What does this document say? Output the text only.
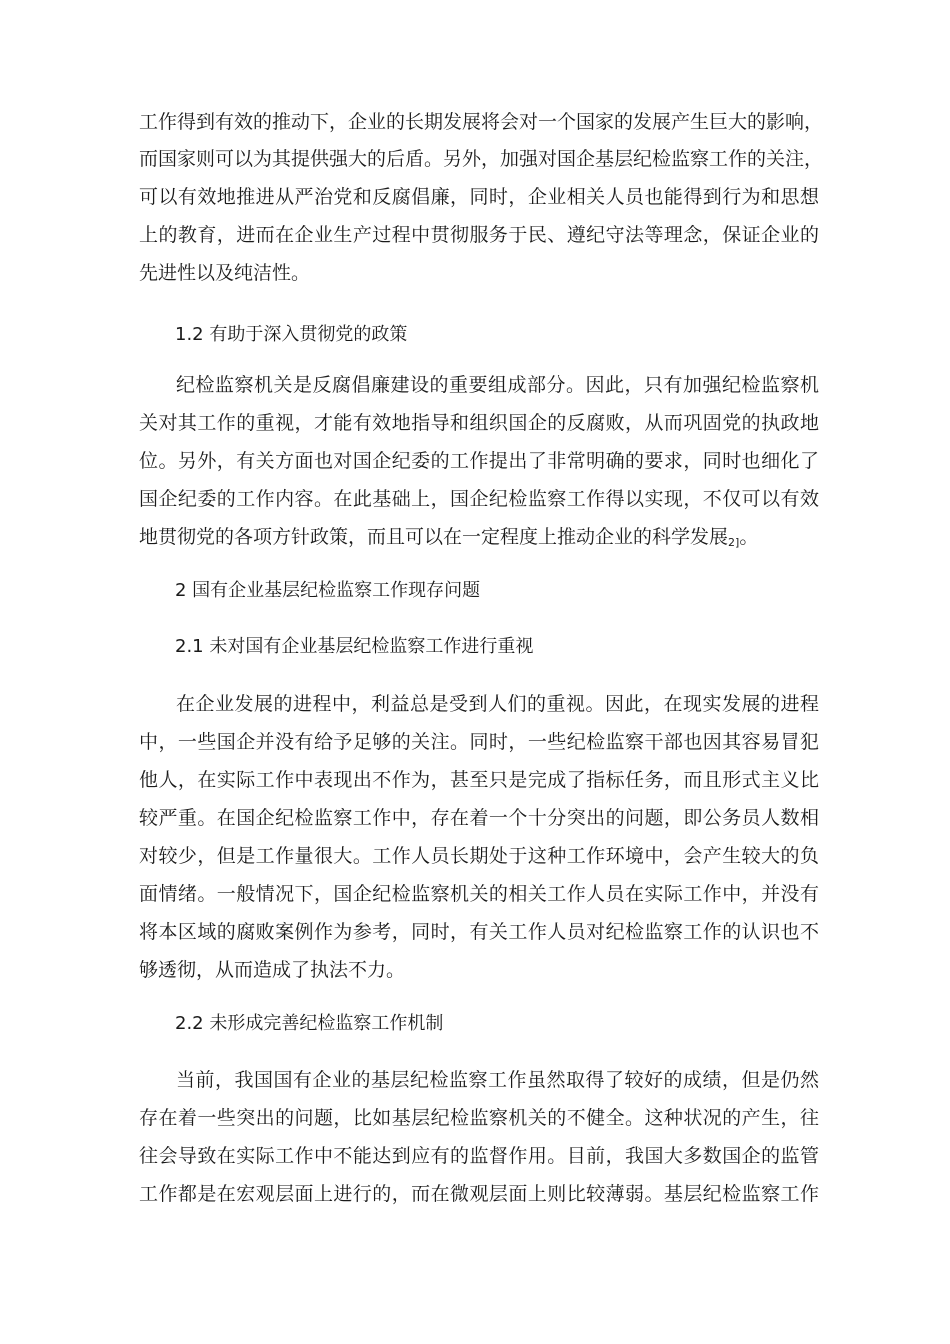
工作得到有效的推动下，企业的长期发展将会对一个国家的发展产生巨大的影响，
而国家则可以为其提供强大的后盾。另外，加强对国企基层纪检监察工作的关注，
可以有效地推进从严治党和反腐倡廉，同时，企业相关人员也能得到行为和思想
上的教育，进而在企业生产过程中贯彻服务于民、遵纪守法等理念，保证企业的
先进性以及纯洁性。
1.2 有助于深入贯彻党的政策
纪检监察机关是反腐倡廉建设的重要组成部分。因此，只有加强纪检监察机
关对其工作的重视，才能有效地指导和组织国企的反腐败，从而巩固党的执政地
位。另外，有关方面也对国企纪委的工作提出了非常明确的要求，同时也细化了
国企纪委的工作内容。在此基础上，国企纪检监察工作得以实现，不仅可以有效
地贯彻党的各项方针政策，而且可以在一定程度上推动企业的科学发展$_{2]}$。
2 国有企业基层纪检监察工作现存问题
2.1 未对国有企业基层纪检监察工作进行重视
在企业发展的进程中，利益总是受到人们的重视。因此，在现实发展的进程
中，一些国企并没有给予足够的关注。同时，一些纪检监察干部也因其容易冒犯
他人，在实际工作中表现出不作为，甚至只是完成了指标任务，而且形式主义比
较严重。在国企纪检监察工作中，存在着一个十分突出的问题，即公务员人数相
对较少，但是工作量很大。工作人员长期处于这种工作环境中，会产生较大的负
面情绪。一般情况下，国企纪检监察机关的相关工作人员在实际工作中，并没有
将本区域的腐败案例作为参考，同时，有关工作人员对纪检监察工作的认识也不
够透彻，从而造成了执法不力。
2.2 未形成完善纪检监察工作机制
当前，我国国有企业的基层纪检监察工作虽然取得了较好的成绩，但是仍然
存在着一些突出的问题，比如基层纪检监察机关的不健全。这种状况的产生，往
往会导致在实际工作中不能达到应有的监督作用。目前，我国大多数国企的监管
工作都是在宏观层面上进行的，而在微观层面上则比较薄弱。基层纪检监察工作
